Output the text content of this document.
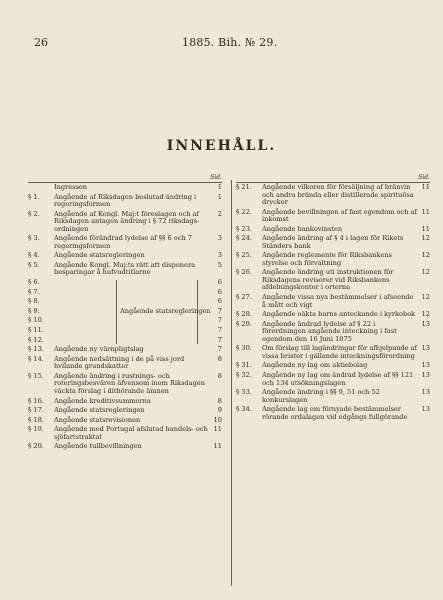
26	1885. Bih. № 29.
INNEHÅLL.
Sid.
Ingressen	1
§ 1.	Angående af Riksdagen beslutad ändring i regeringsformen
1
§ 2.	Angående af Kongl. Maj:t föreslagen och af Riksdagen antagen ändring i § 72 riksdags-ordningen
2
§ 3.	Angående förändrad lydelse af §§ 6 och 7 regeringsformen
3
§ 4.	Angående statsregleringen	3
§ 5.	Angående Kongl. Maj:ts rätt att disponera besparingar å hufvudtitlarne
5
§ 6.	6
§ 7.	6
§ 8.	6
§ 9.	7
§ 10.	7
§ 11.	7
§ 12.	7
§ 13.	Angående ny värnpligtslag	7
§ 14.	Angående nedsättning i de på viss jord hvilande grundskatter
8
§ 15.	Angående ändring i rustnings- och roteringsbesvären äfvensom inom Riksdagen väckta förslag i dithörande ämnen
8
§ 16.	Angående kreditivsummorna	8
§ 17.	Angående statsregleringen	9
§ 18.	Angående statsrevisionen	10
§ 19.	Angående med Portugal afslutad handels- och sjöfartstraktat
11
§ 20.	Angående tullbevillningen	11
Angående statsregleringen
Sid.
§ 21.	Angående vilkoren för försäljning af bränvin och andra brända eller distillerade spirituösa drycker
11
§ 22.	Angående bevillningen af fast egendom och af inkomst
11
§ 23.	Angående bankovinsten	11
§ 24.	Angående ändring af § 4 i lagen för Rikets Ständers bank
12
§ 25.	Angående reglemente för Riksbankens styrelse och förvaltning
12
§ 26.	Angående ändring uti instruktionen för Riksdagens revisorer vid Riksbankens afdelningskontor i orterna
12
§ 27.	Angående vissa nya bestämmelser i afseende å mått och vigt
12
§ 28.	Angående oäkta barns anteckande i kyrkobok 12
§ 29.	Angående ändrad lydelse af § 22 i förordningen angående inteckning i fast egendom den 16 Juni 1875
13
§ 30.	Om förslag till lagändringar för afhjelpande af vissa brister i gällande inteckningsförordning
13
§ 31.	Angående ny lag om aktiebolag	13
§ 32.	Angående ny lag om ändrad lydelse af §§ 121 och 134 utsökningslagen
13
§ 33.	Angående ändring i §§ 9, 51 och 52 konkurslagen
13
§ 34.	Angående lag om förnyade bestämmelser rörande ordalagen vid edgångs fullgörande
13
